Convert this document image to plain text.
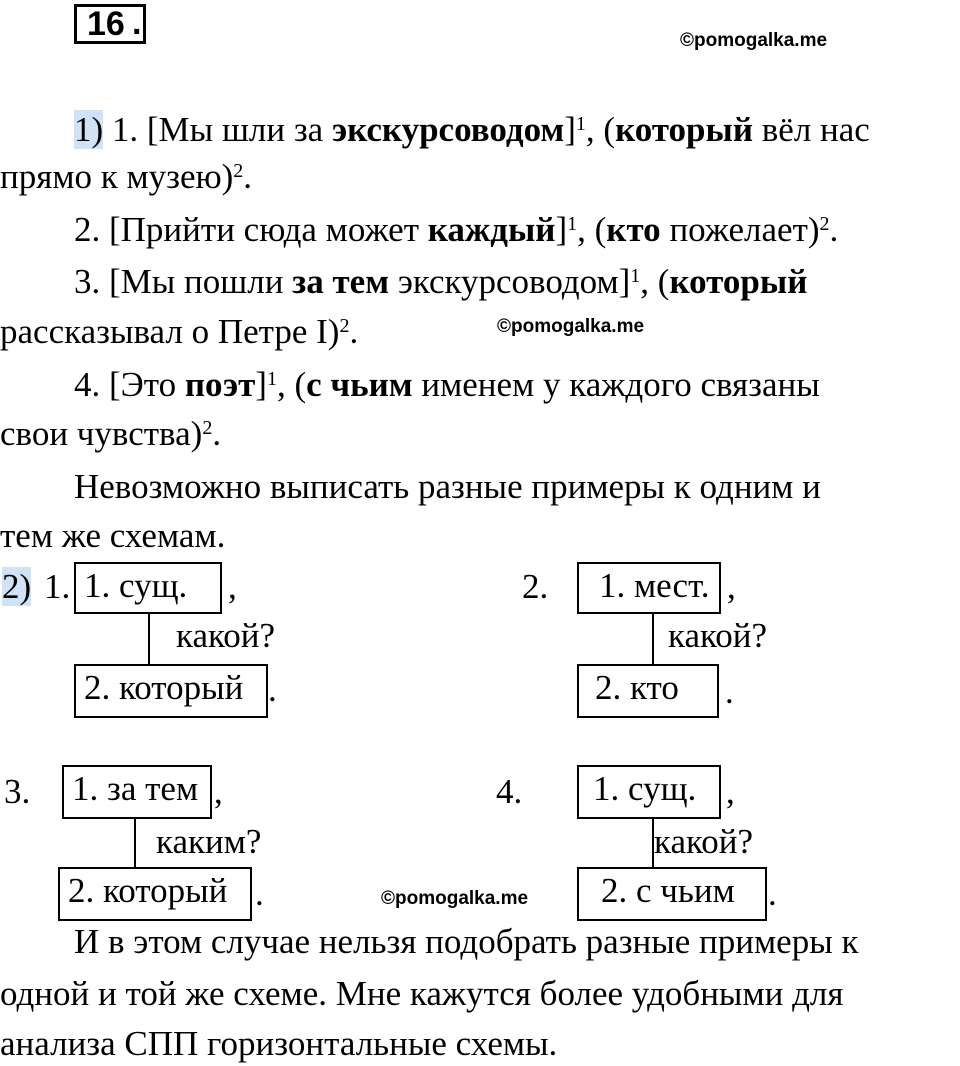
16 .	©pomogalka.me
1) 1. [Мы шли за экскурсоводом]$^1$, (который вёл нас
прямо к музею)$^2$.
2. [Прийти сюда может каждый]$^1$, (кто пожелает)$^2$.
3. [Мы пошли за тем экскурсоводом]$^1$, (который
рассказывал о Петре I)$^2$.	©pomogalka.me
4. [Это поэт]$^1$, (с чьим именем у каждого связаны
свои чувства)$^2$.
Невозможно выписать разные примеры к одним и
тем же схемам.
2) 1. 1. сущ.	,
какой?
2. который .
2.	1. мест. ,
какой?
2. кто	.
3. 1. за тем ,
каким?
2. который .	©pomogalka.me
4.	1. сущ. ,
какой?
2. с чьим .
И в этом случае нельзя подобрать разные примеры к
одной и той же схеме. Мне кажутся более удобными для
анализа СПП горизонтальные схемы.
